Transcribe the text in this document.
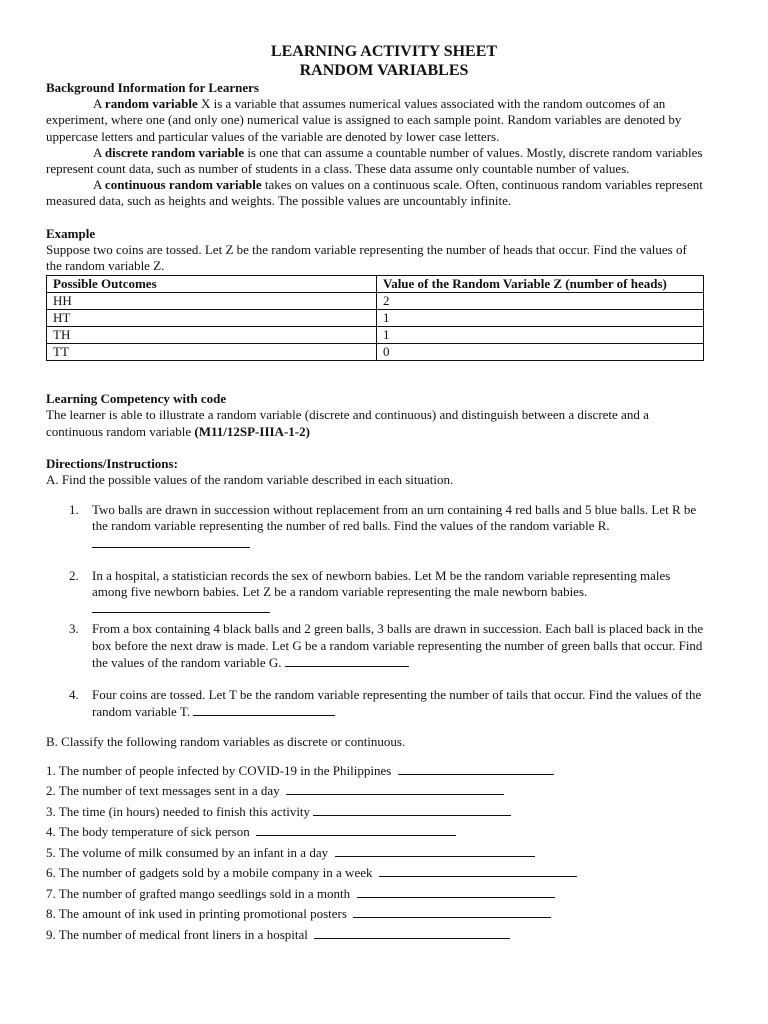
LEARNING ACTIVITY SHEET
RANDOM VARIABLES

Background Information for Learners

A random variable X is a variable that assumes numerical values associated with the random outcomes of an experiment, where one (and only one) numerical value is assigned to each sample point. Random variables are denoted by uppercase letters and particular values of the variable are denoted by lower case letters.

A discrete random variable is one that can assume a countable number of values. Mostly, discrete random variables represent count data, such as number of students in a class. These data assume only countable number of values.

A continuous random variable takes on values on a continuous scale. Often, continuous random variables represent measured data, such as heights and weights. The possible values are uncountably infinite.

Example

Suppose two coins are tossed. Let Z be the random variable representing the number of heads that occur. Find the values of the random variable Z.

Possible Outcomes	Value of the Random Variable Z (number of heads)
HH	2
HT	1
TH	1
TT	0

Learning Competency with code

The learner is able to illustrate a random variable (discrete and continuous) and distinguish between a discrete and a continuous random variable (M11/12SP-IIIA-1-2)

Directions/Instructions:

A. Find the possible values of the random variable described in each situation.

1. Two balls are drawn in succession without replacement from an urn containing 4 red balls and 5 blue balls. Let R be the random variable representing the number of red balls. Find the values of the random variable R.
2. In a hospital, a statistician records the sex of newborn babies. Let M be the random variable representing males among five newborn babies. Let Z be a random variable representing the male newborn babies.

3. From a box containing 4 black balls and 2 green balls, 3 balls are drawn in succession. Each ball is placed back in the box before the next draw is made. Let G be a random variable representing the number of green balls that occur. Find the values of the random variable G.
4. Four coins are tossed. Let T be the random variable representing the number of tails that occur. Find the values of the random variable T.

B. Classify the following random variables as discrete or continuous.

1. The number of people infected by COVID-19 in the Philippines

2. The number of text messages sent in a day

3. The time (in hours) needed to finish this activity

4. The body temperature of sick person

5. The volume of milk consumed by an infant in a day

6. The number of gadgets sold by a mobile company in a week

7. The number of grafted mango seedlings sold in a month

8. The amount of ink used in printing promotional posters

9. The number of medical front liners in a hospital
